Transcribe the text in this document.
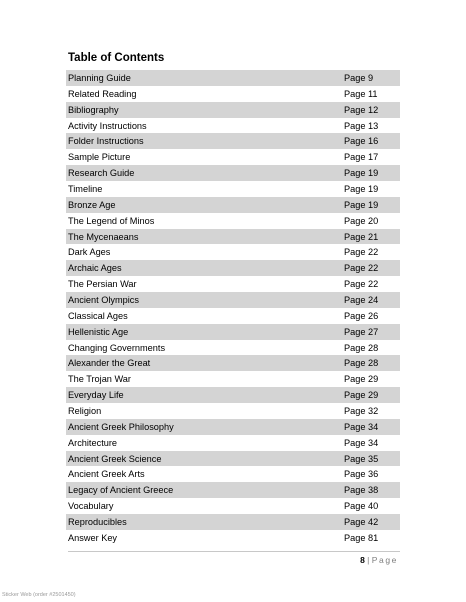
Table of Contents
Planning Guide	Page 9
Related Reading	Page 11
Bibliography	Page 12
Activity Instructions	Page 13
Folder Instructions	Page 16
Sample Picture	Page 17
Research Guide	Page 19
Timeline	Page 19
Bronze Age	Page 19
The Legend of Minos	Page 20
The Mycenaeans	Page 21
Dark Ages	Page 22
Archaic Ages	Page 22
The Persian War	Page 22
Ancient Olympics	Page 24
Classical Ages	Page 26
Hellenistic Age	Page 27
Changing Governments	Page 28
Alexander the Great	Page 28
The Trojan War	Page 29
Everyday Life	Page 29
Religion	Page 32
Ancient Greek Philosophy	Page 34
Architecture	Page 34
Ancient Greek Science	Page 35
Ancient Greek Arts	Page 36
Legacy of Ancient Greece	Page 38
Vocabulary	Page 40
Reproducibles	Page 42
Answer Key	Page 81
8 | Page
Sticker Web (order #2501450)
